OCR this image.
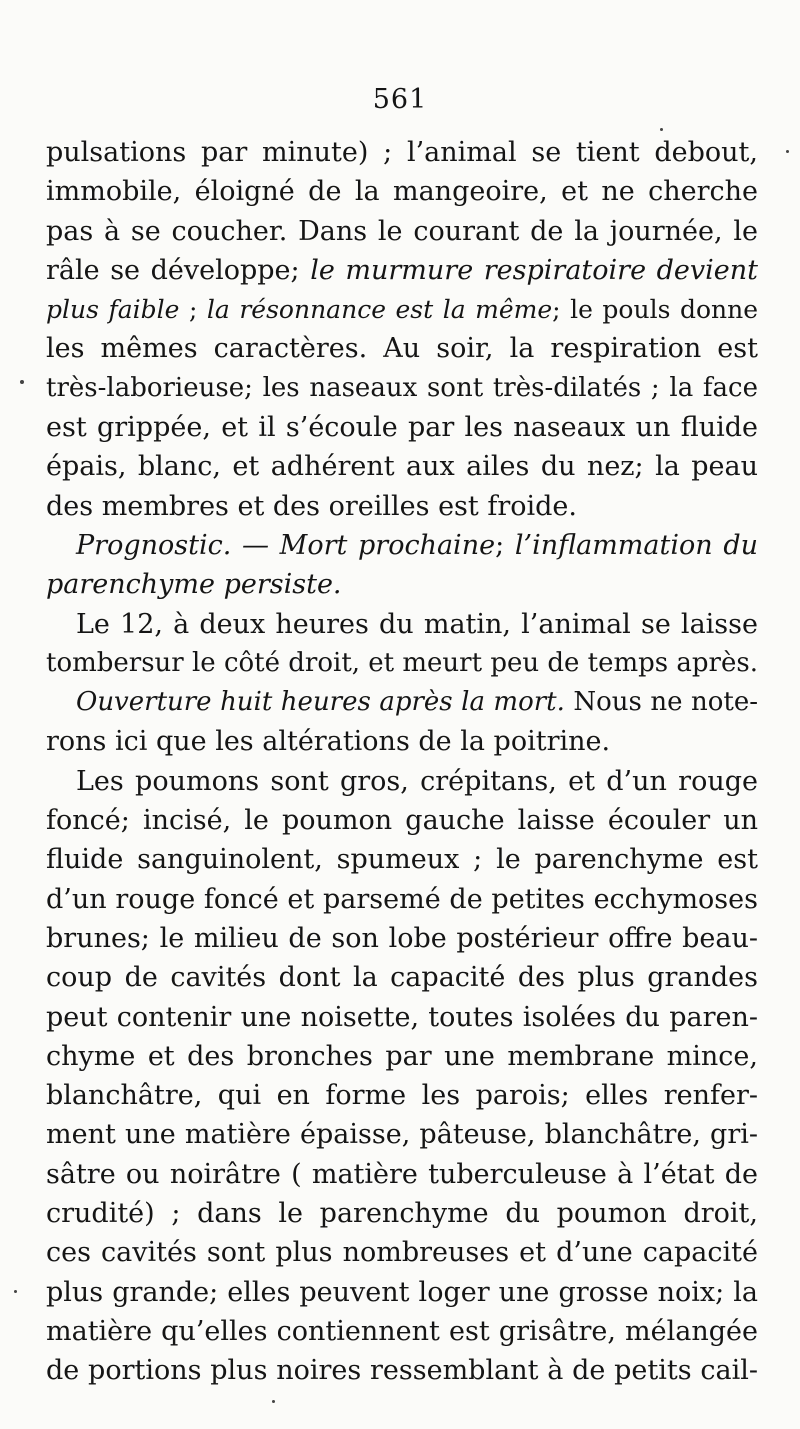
561
pulsations par minute) ; l’animal se tient debout,
immobile, éloigné de la mangeoire, et ne cherche
pas à se coucher. Dans le courant de la journée, le
râle se développe; le murmure respiratoire devient
plus faible ; la résonnance est la même; le pouls donne
les mêmes caractères. Au soir, la respiration est
très-laborieuse; les naseaux sont très-dilatés ; la face
est grippée, et il s’écoule par les naseaux un fluide
épais, blanc, et adhérent aux ailes du nez; la peau
des membres et des oreilles est froide.
Prognostic. — Mort prochaine; l’inflammation du
parenchyme persiste.
Le 12, à deux heures du matin, l’animal se laisse
tombersur le côté droit, et meurt peu de temps après.
Ouverture huit heures après la mort. Nous ne note-
rons ici que les altérations de la poitrine.
Les poumons sont gros, crépitans, et d’un rouge
foncé; incisé, le poumon gauche laisse écouler un
fluide sanguinolent, spumeux ; le parenchyme est
d’un rouge foncé et parsemé de petites ecchymoses
brunes; le milieu de son lobe postérieur offre beau-
coup de cavités dont la capacité des plus grandes
peut contenir une noisette, toutes isolées du paren-
chyme et des bronches par une membrane mince,
blanchâtre, qui en forme les parois; elles renfer-
ment une matière épaisse, pâteuse, blanchâtre, gri-
sâtre ou noirâtre ( matière tuberculeuse à l’état de
crudité) ; dans le parenchyme du poumon droit,
ces cavités sont plus nombreuses et d’une capacité
plus grande; elles peuvent loger une grosse noix; la
matière qu’elles contiennent est grisâtre, mélangée
de portions plus noires ressemblant à de petits cail-
